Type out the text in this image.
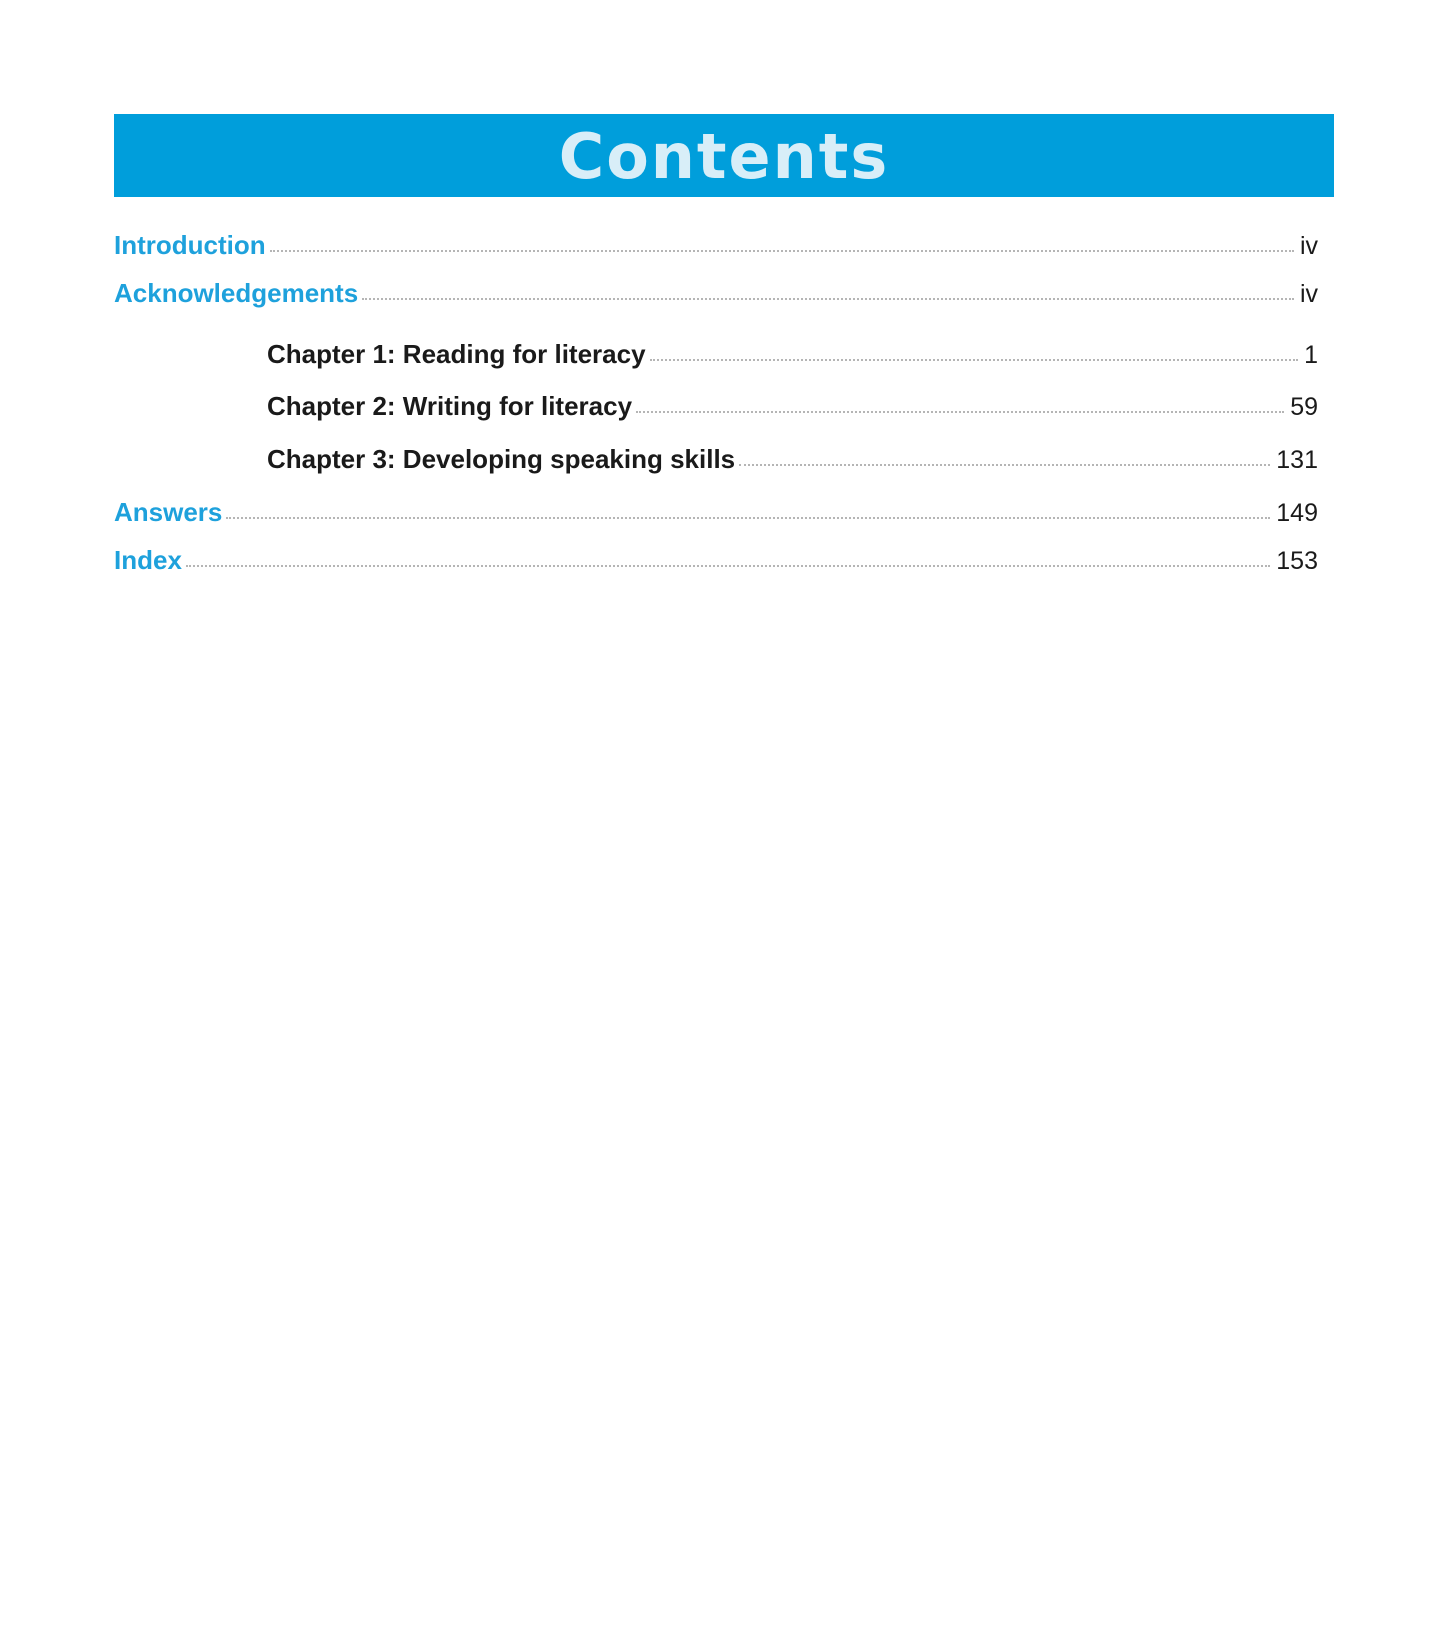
Contents
Introduction	iv
Acknowledgements	iv
Chapter 1: Reading for literacy	1
Chapter 2: Writing for literacy	59
Chapter 3: Developing speaking skills	131
Answers	149
Index	153
